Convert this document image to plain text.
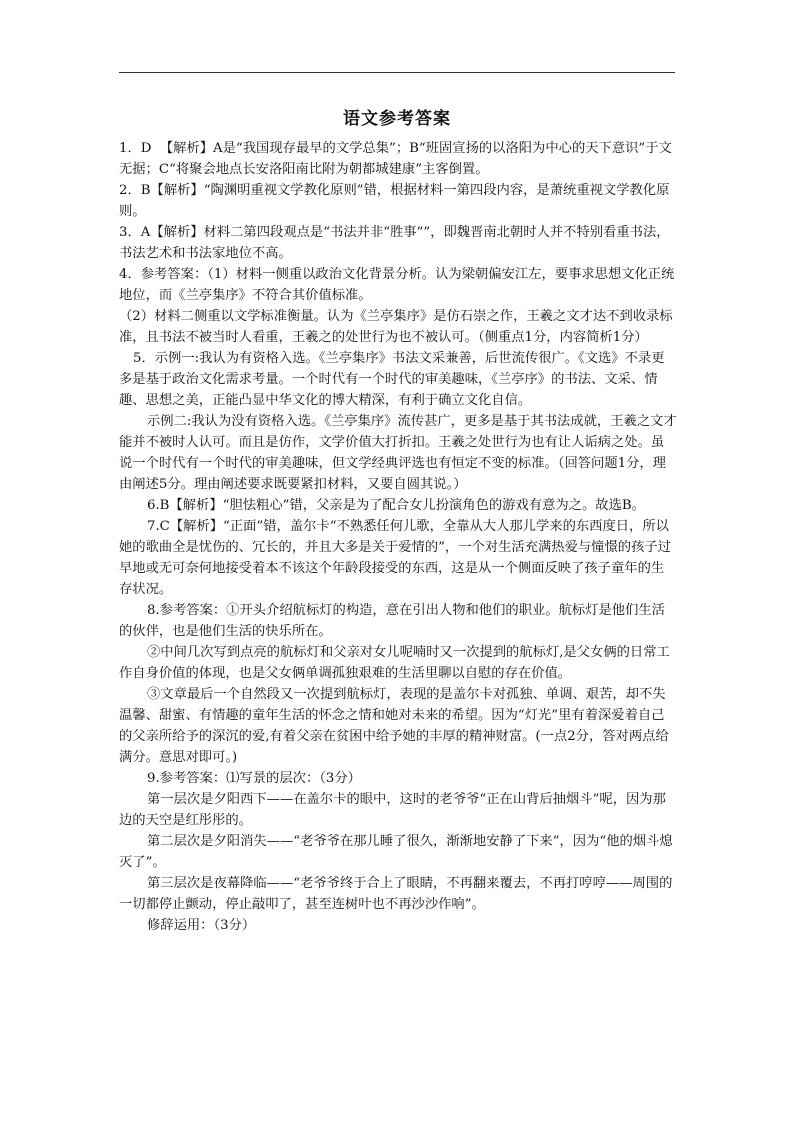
语文参考答案

1．D  【解析】A是“我国现存最早的文学总集”；B“班固宣扬的以洛阳为中心的天下意识”于文无据；C“将聚会地点长安洛阳南比附为朝都城建康”主客倒置。

2．B【解析】“陶渊明重视文学教化原则”错，根据材料一第四段内容，是萧统重视文学教化原则。

3．A【解析】材料二第四段观点是“书法并非“胜事””，即魏晋南北朝时人并不特别看重书法，书法艺术和书法家地位不高。

4．参考答案：（1）材料一侧重以政治文化背景分析。认为梁朝偏安江左，要事求思想文化正统地位，而《兰亭集序》不符合其价值标准。

（2）材料二侧重以文学标准衡量。认为《兰亭集序》是仿石崇之作，王羲之文才达不到收录标准，且书法不被当时人看重，王羲之的处世行为也不被认可。（侧重点1分，内容简析1分）

5．示例一:我认为有资格入选。《兰亭集序》书法文采兼善，后世流传很广。《文选》不录更多是基于政治文化需求考量。一个时代有一个时代的审美趣味，《兰亭序》的书法、文采、情趣、思想之美，正能凸显中华文化的博大精深，有利于确立文化自信。

示例二:我认为没有资格入选。《兰亭集序》流传甚广，更多是基于其书法成就，王羲之文才能并不被时人认可。而且是仿作，文学价值大打折扣。王羲之处世行为也有让人诟病之处。虽说一个时代有一个时代的审美趣味，但文学经典评选也有恒定不变的标准。（回答问题1分，理由阐述5分。理由阐述要求既要紧扣材料，又要自圆其说。）

6.B【解析】“胆怯粗心”错，父亲是为了配合女儿扮演角色的游戏有意为之。故选B。

7.C【解析】“正面”错，盖尔卡“不熟悉任何儿歌，全靠从大人那儿学来的东西度日，所以她的歌曲全是忧伤的、冗长的，并且大多是关于爱情的”，一个对生活充满热爱与憧憬的孩子过早地或无可奈何地接受着本不该这个年龄段接受的东西，这是从一个侧面反映了孩子童年的生存状况。

8.参考答案：①开头介绍航标灯的构造，意在引出人物和他们的职业。航标灯是他们生活的伙伴，也是他们生活的快乐所在。

②中间几次写到点亮的航标灯和父亲对女儿呢喃时又一次提到的航标灯,是父女俩的日常工作自身价值的体现，也是父女俩单调孤独艰难的生活里聊以自慰的存在价值。

③文章最后一个自然段又一次提到航标灯，表现的是盖尔卡对孤独、单调、艰苦，却不失温馨、甜蜜、有情趣的童年生活的怀念之情和她对未来的希望。因为“灯光”里有着深爱着自己的父亲所给予的深沉的爱,有着父亲在贫困中给予她的丰厚的精神财富。(一点2分，答对两点给满分。意思对即可。)

9.参考答案：⑴写景的层次：（3分）

第一层次是夕阳西下——在盖尔卡的眼中，这时的老爷爷“正在山背后抽烟斗”呢，因为那边的天空是红彤彤的。

第二层次是夕阳消失——“老爷爷在那儿睡了很久，渐渐地安静了下来”，因为“他的烟斗熄灭了”。

第三层次是夜幕降临——“老爷爷终于合上了眼睛，不再翻来覆去，不再打哼哼——周围的一切都停止颤动，停止敲叩了，甚至连树叶也不再沙沙作响”。

修辞运用：（3分）
